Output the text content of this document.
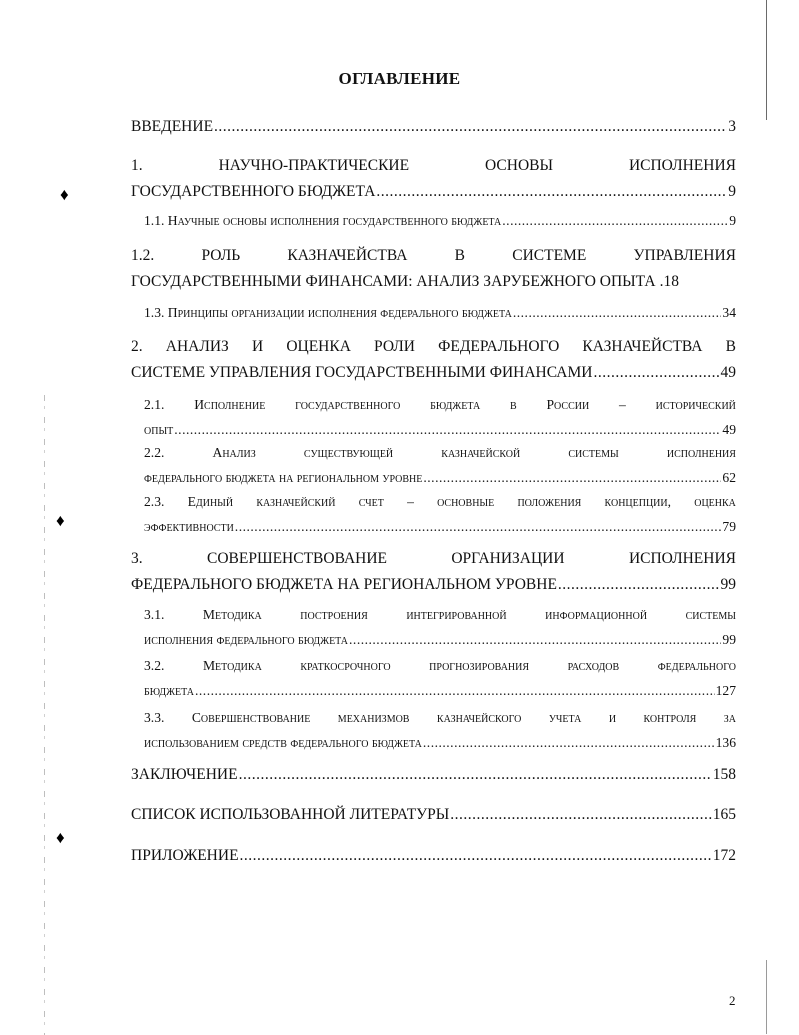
♦
♦
♦
ОГЛАВЛЕНИЕ
ВВЕДЕНИЕ .....	3
1.	НАУЧНО-ПРАКТИЧЕСКИЕ	ОСНОВЫ	ИСПОЛНЕНИЯ
ГОСУДАРСТВЕННОГО БЮДЖЕТА .....	9
1.1. Научные основы исполнения государственного бюджета .....	9
1.2.	РОЛЬ	КАЗНАЧЕЙСТВА	В	СИСТЕМЕ	УПРАВЛЕНИЯ
ГОСУДАРСТВЕННЫМИ ФИНАНСАМИ: АНАЛИЗ ЗАРУБЕЖНОГО ОПЫТА .18
1.3. Принципы организации исполнения федерального бюджета .....	34
2. АНАЛИЗ И ОЦЕНКА РОЛИ ФЕДЕРАЛЬНОГО КАЗНАЧЕЙСТВА В
СИСТЕМЕ УПРАВЛЕНИЯ ГОСУДАРСТВЕННЫМИ ФИНАНСАМИ .....	49
2.1. Исполнение государственного бюджета в России – исторический
опыт .....	49
2.2.	Анализ	существующей	казначейской	системы	исполнения
федерального бюджета на региональном уровне .....	62
2.3. Единый казначейский счет – основные положения концепции, оценка
эффективности .....	79
3.	СОВЕРШЕНСТВОВАНИЕ	ОРГАНИЗАЦИИ	ИСПОЛНЕНИЯ
ФЕДЕРАЛЬНОГО БЮДЖЕТА НА РЕГИОНАЛЬНОМ УРОВНЕ .....	99
3.1.	Методика	построения	интегрированной	информационной	системы
исполнения федерального бюджета .....	99
3.2.	Методика	краткосрочного	прогнозирования	расходов	федерального
бюджета .....	127
3.3. Совершенствование механизмов казначейского учета и контроля за
использованием средств федерального бюджета .....	136
ЗАКЛЮЧЕНИЕ .....	158
СПИСОК ИСПОЛЬЗОВАННОЙ ЛИТЕРАТУРЫ .....	165
ПРИЛОЖЕНИЕ .....	172
2
